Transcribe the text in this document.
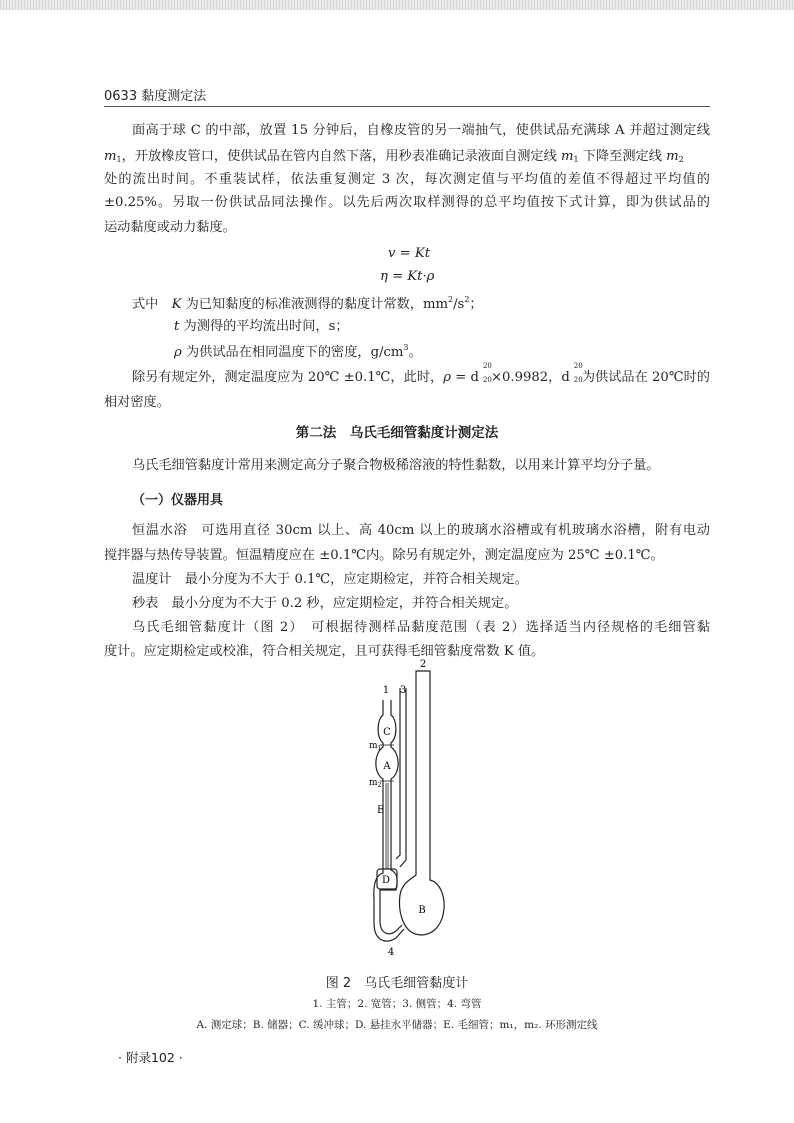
0633 黏度测定法
面高于球 C 的中部，放置 15 分钟后，自橡皮管的另一端抽气，使供试品充满球 A 并超过测定线
$m_1$，开放橡皮管口，使供试品在管内自然下落，用秒表准确记录液面自测定线 $m_1$ 下降至测定线 $m_2$
处的流出时间。不重装试样，依法重复测定 3 次，每次测定值与平均值的差值不得超过平均值的
±0.25%。另取一份供试品同法操作。以先后两次取样测得的总平均值按下式计算，即为供试品的
运动黏度或动力黏度。
v = Kt
η = Kt·ρ
式中　 K 为已知黏度的标准液测得的黏度计常数，$mm^2/s^2$；
t 为测得的平均流出时间，s；
ρ 为供试品在相同温度下的密度，$g/cm^3$。
除另有规定外，测定温度应为 20℃ ±0.1℃，此时，ρ = d
20
20 ×0.9982，d
20
20 为供试品在 20℃时的
相对密度。
第二法　乌氏毛细管黏度计测定法
乌氏毛细管黏度计常用来测定高分子聚合物极稀溶液的特性黏数，以用来计算平均分子量。
（一）仪器用具
恒温水浴　可选用直径 30cm 以上、高 40cm 以上的玻璃水浴槽或有机玻璃水浴槽，附有电动
搅拌器与热传导装置。恒温精度应在 ±0.1℃内。除另有规定外，测定温度应为 25℃ ±0.1℃。
温度计　最小分度为不大于 0.1℃，应定期检定，并符合相关规定。
秒表　最小分度为不大于 0.2 秒，应定期检定，并符合相关规定。
乌氏毛细管黏度计（图 2）　可根据待测样品黏度范围（表 2）选择适当内径规格的毛细管黏
度计。应定期检定或校准，符合相关规定，且可获得毛细管黏度常数 K 值。
1 3
2
C
A
$m_1$
$m_2$
E
D
B
4
图 2　乌氏毛细管黏度计
1. 主管；2. 宽管；3. 侧管；4. 弯管
A. 测定球；B. 储器；C. 缓冲球；D. 悬挂水平储器；E. 毛细管；m₁，m₂. 环形测定线
· 附录102 ·
